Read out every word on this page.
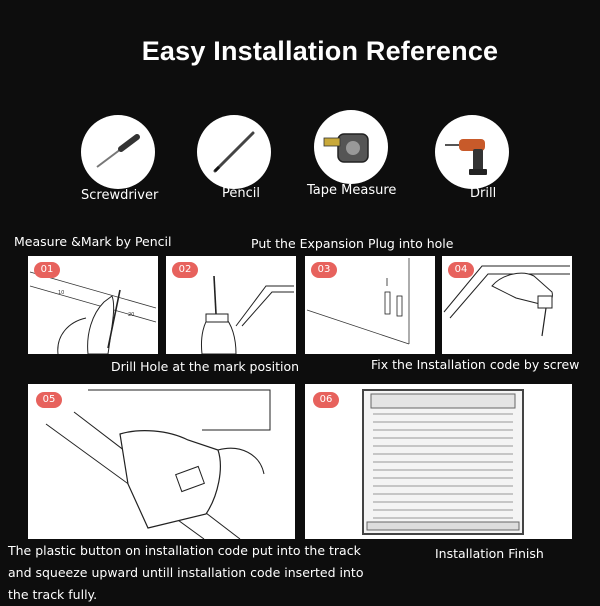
Easy Installation Reference
Screwdriver	Pencil	Tape Measure	Drill
Measure &Mark by Pencil	Put the Expansion Plug into hole
01
10
20
02	03	04
Drill Hole at the mark position	Fix the Installation code by screw
05	06
Installation Finish
The plastic button on installation code put into the track
and squeeze upward untill installation code inserted into
the track fully.
